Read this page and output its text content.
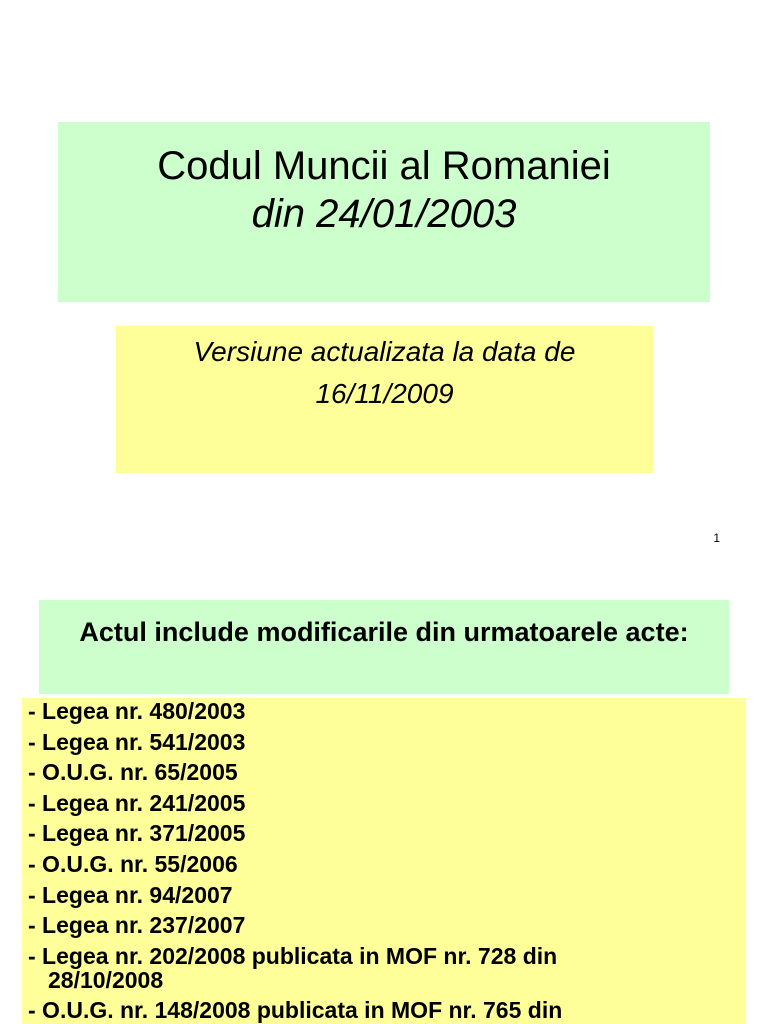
Codul Muncii al Romaniei
din 24/01/2003
Versiune actualizata la data de
16/11/2009
1
Actul include modificarile din urmatoarele acte:
- Legea nr. 480/2003
- Legea nr. 541/2003
- O.U.G. nr. 65/2005
- Legea nr. 241/2005
- Legea nr. 371/2005
- O.U.G. nr. 55/2006
- Legea nr. 94/2007
- Legea nr. 237/2007
- Legea nr. 202/2008 publicata in MOF nr. 728 din
28/10/2008
- O.U.G. nr. 148/2008 publicata in MOF nr. 765 din
